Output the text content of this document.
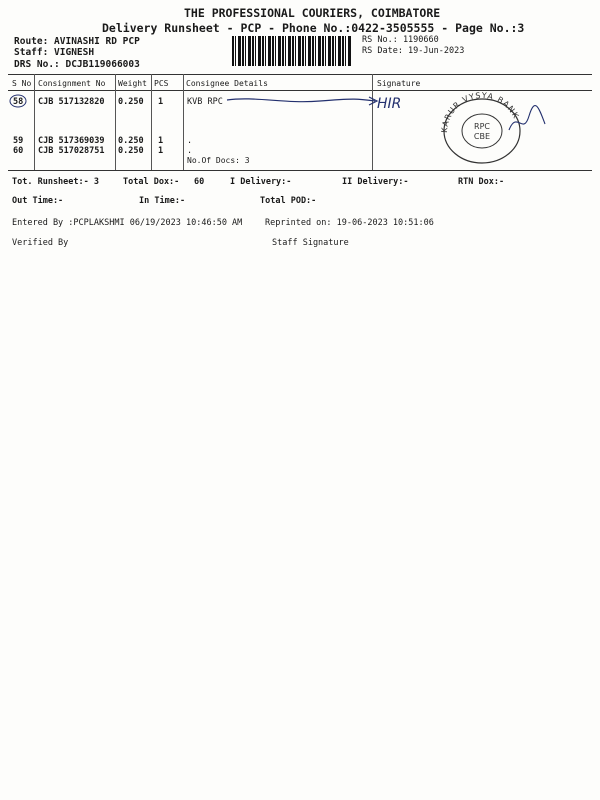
THE PROFESSIONAL COURIERS, COIMBATORE
Delivery Runsheet - PCP - Phone No.:0422-3505555 - Page No.:3
Route: AVINASHI RD PCP
Staff: VIGNESH
DRS No.: DCJB119066003
RS No.: 1190660
RS Date: 19-Jun-2023
S No Consignment No Weight PCS Consignee Details	Signature
58 CJB 517132820 0.250 1	KVB RPC
59 CJB 517369039 0.250 1	.
60 CJB 517028751 0.250 1	.
No.Of Docs: 3
HIR
KARUR VYSYA BANK
RPC
CBE
Tot. Runsheet:- 3	Total Dox:- 60	I Delivery:-	II Delivery:-	RTN Dox:-
Out Time:-	In Time:-	Total POD:-
Entered By :PCPLAKSHMI 06/19/2023 10:46:50 AM	Reprinted on: 19-06-2023 10:51:06
Verified By	Staff Signature
